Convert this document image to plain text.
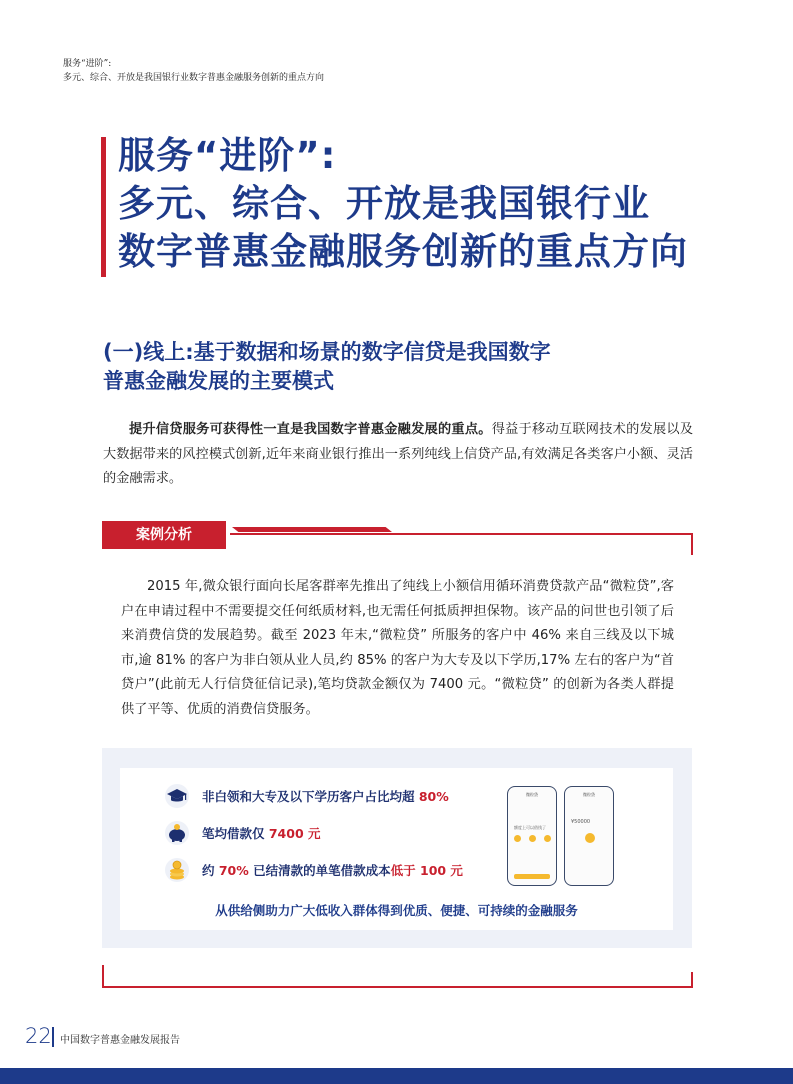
服务“进阶”:
多元、综合、开放是我国银行业数字普惠金融服务创新的重点方向
服务“进阶”:
多元、综合、开放是我国银行业
数字普惠金融服务创新的重点方向
(一)线上:基于数据和场景的数字信贷是我国数字
普惠金融发展的主要模式
提升信贷服务可获得性一直是我国数字普惠金融发展的重点。得益于移动互联网技术的发展以及大数据带来的风控模式创新,近年来商业银行推出一系列纯线上信贷产品,有效满足各类客户小额、灵活的金融需求。
案例分析
2015 年,微众银行面向长尾客群率先推出了纯线上小额信用循环消费贷款产品“微粒贷”,客户在申请过程中不需要提交任何纸质材料,也无需任何抵质押担保物。该产品的问世也引领了后来消费信贷的发展趋势。截至 2023 年末,“微粒贷” 所服务的客户中 46% 来自三线及以下城市,逾 81% 的客户为非白领从业人员,约 85% 的客户为大专及以下学历,17% 左右的客户为“首贷户”(此前无人行信贷征信记录),笔均贷款金额仅为 7400 元。“微粒贷” 的创新为各类人群提供了平等、优质的消费信贷服务。
非白领和大专及以下学历客户占比均超 80%
笔均借款仅 7400 元
约 70% 已结清款的单笔借款成本低于 100 元
微粒贷
额度上可以借钱了
微粒贷
¥50000
从供给侧助力广大低收入群体得到优质、便捷、可持续的金融服务
22 中国数字普惠金融发展报告
